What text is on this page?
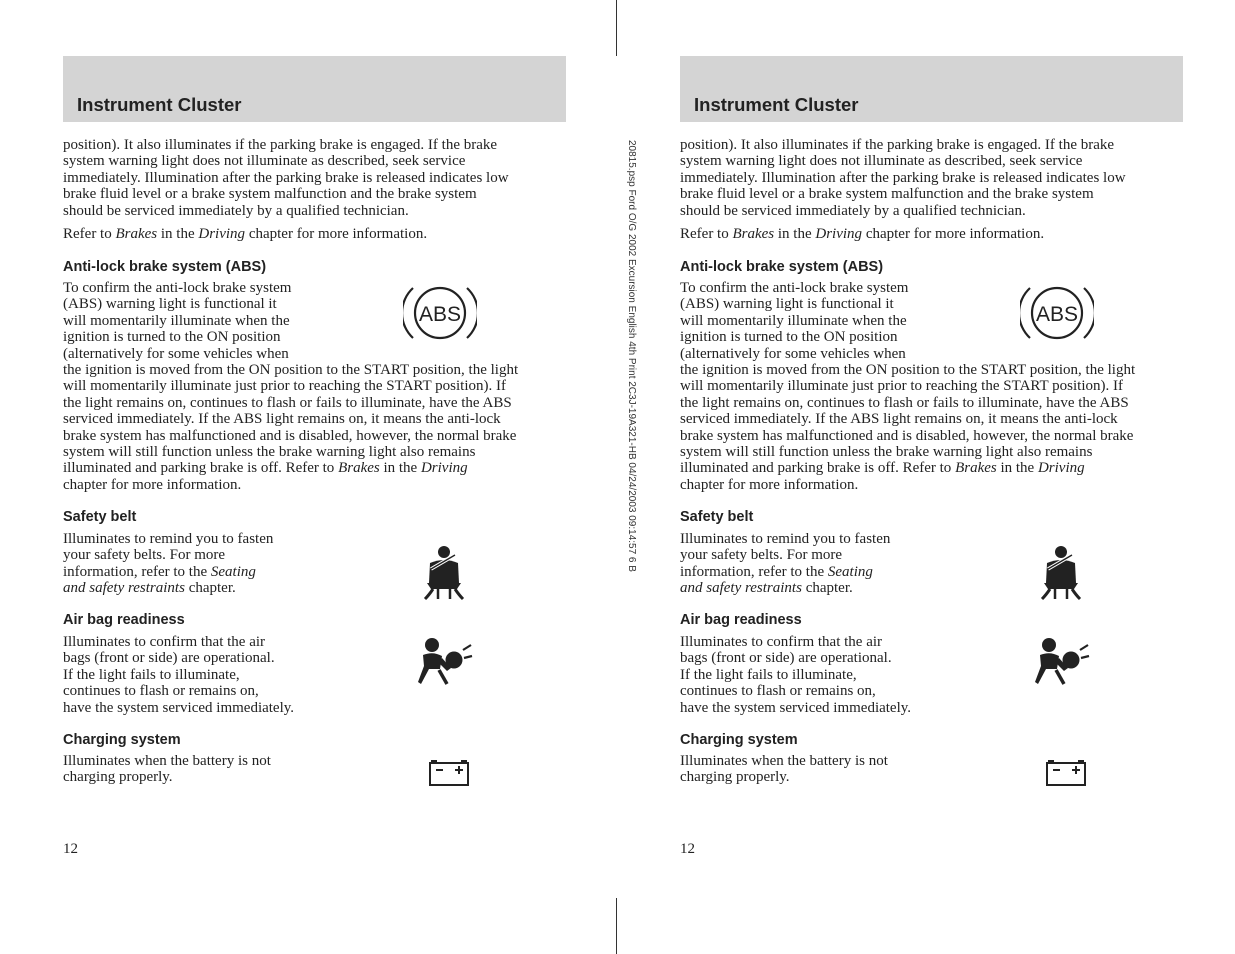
20815.psp Ford O/G 2002 Excursion English 4th Print 2C3J-19A321-HB 04/24/2003 09:14:57 6 B
Instrument Cluster
position). It also illuminates if the parking brake is engaged. If the brake
system warning light does not illuminate as described, seek service
immediately. Illumination after the parking brake is released indicates low
brake fluid level or a brake system malfunction and the brake system
should be serviced immediately by a qualified technician.
Refer to Brakes in the Driving chapter for more information.
Anti-lock brake system (ABS)
To confirm the anti-lock brake system
(ABS) warning light is functional it
will momentarily illuminate when the
ignition is turned to the ON position
(alternatively for some vehicles when
the ignition is moved from the ON position to the START position, the light
will momentarily illuminate just prior to reaching the START position). If
the light remains on, continues to flash or fails to illuminate, have the ABS
serviced immediately. If the ABS light remains on, it means the anti-lock
brake system has malfunctioned and is disabled, however, the normal brake
system will still function unless the brake warning light also remains
illuminated and parking brake is off. Refer to Brakes in the Driving
chapter for more information.
ABS
Safety belt
Illuminates to remind you to fasten
your safety belts. For more
information, refer to the Seating
and safety restraints chapter.
Air bag readiness
Illuminates to confirm that the air
bags (front or side) are operational.
If the light fails to illuminate,
continues to flash or remains on,
have the system serviced immediately.
Charging system
Illuminates when the battery is not
charging properly.
12
Instrument Cluster
position). It also illuminates if the parking brake is engaged. If the brake
system warning light does not illuminate as described, seek service
immediately. Illumination after the parking brake is released indicates low
brake fluid level or a brake system malfunction and the brake system
should be serviced immediately by a qualified technician.
Refer to Brakes in the Driving chapter for more information.
Anti-lock brake system (ABS)
To confirm the anti-lock brake system
(ABS) warning light is functional it
will momentarily illuminate when the
ignition is turned to the ON position
(alternatively for some vehicles when
the ignition is moved from the ON position to the START position, the light
will momentarily illuminate just prior to reaching the START position). If
the light remains on, continues to flash or fails to illuminate, have the ABS
serviced immediately. If the ABS light remains on, it means the anti-lock
brake system has malfunctioned and is disabled, however, the normal brake
system will still function unless the brake warning light also remains
illuminated and parking brake is off. Refer to Brakes in the Driving
chapter for more information.
ABS
Safety belt
Illuminates to remind you to fasten
your safety belts. For more
information, refer to the Seating
and safety restraints chapter.
Air bag readiness
Illuminates to confirm that the air
bags (front or side) are operational.
If the light fails to illuminate,
continues to flash or remains on,
have the system serviced immediately.
Charging system
Illuminates when the battery is not
charging properly.
12
